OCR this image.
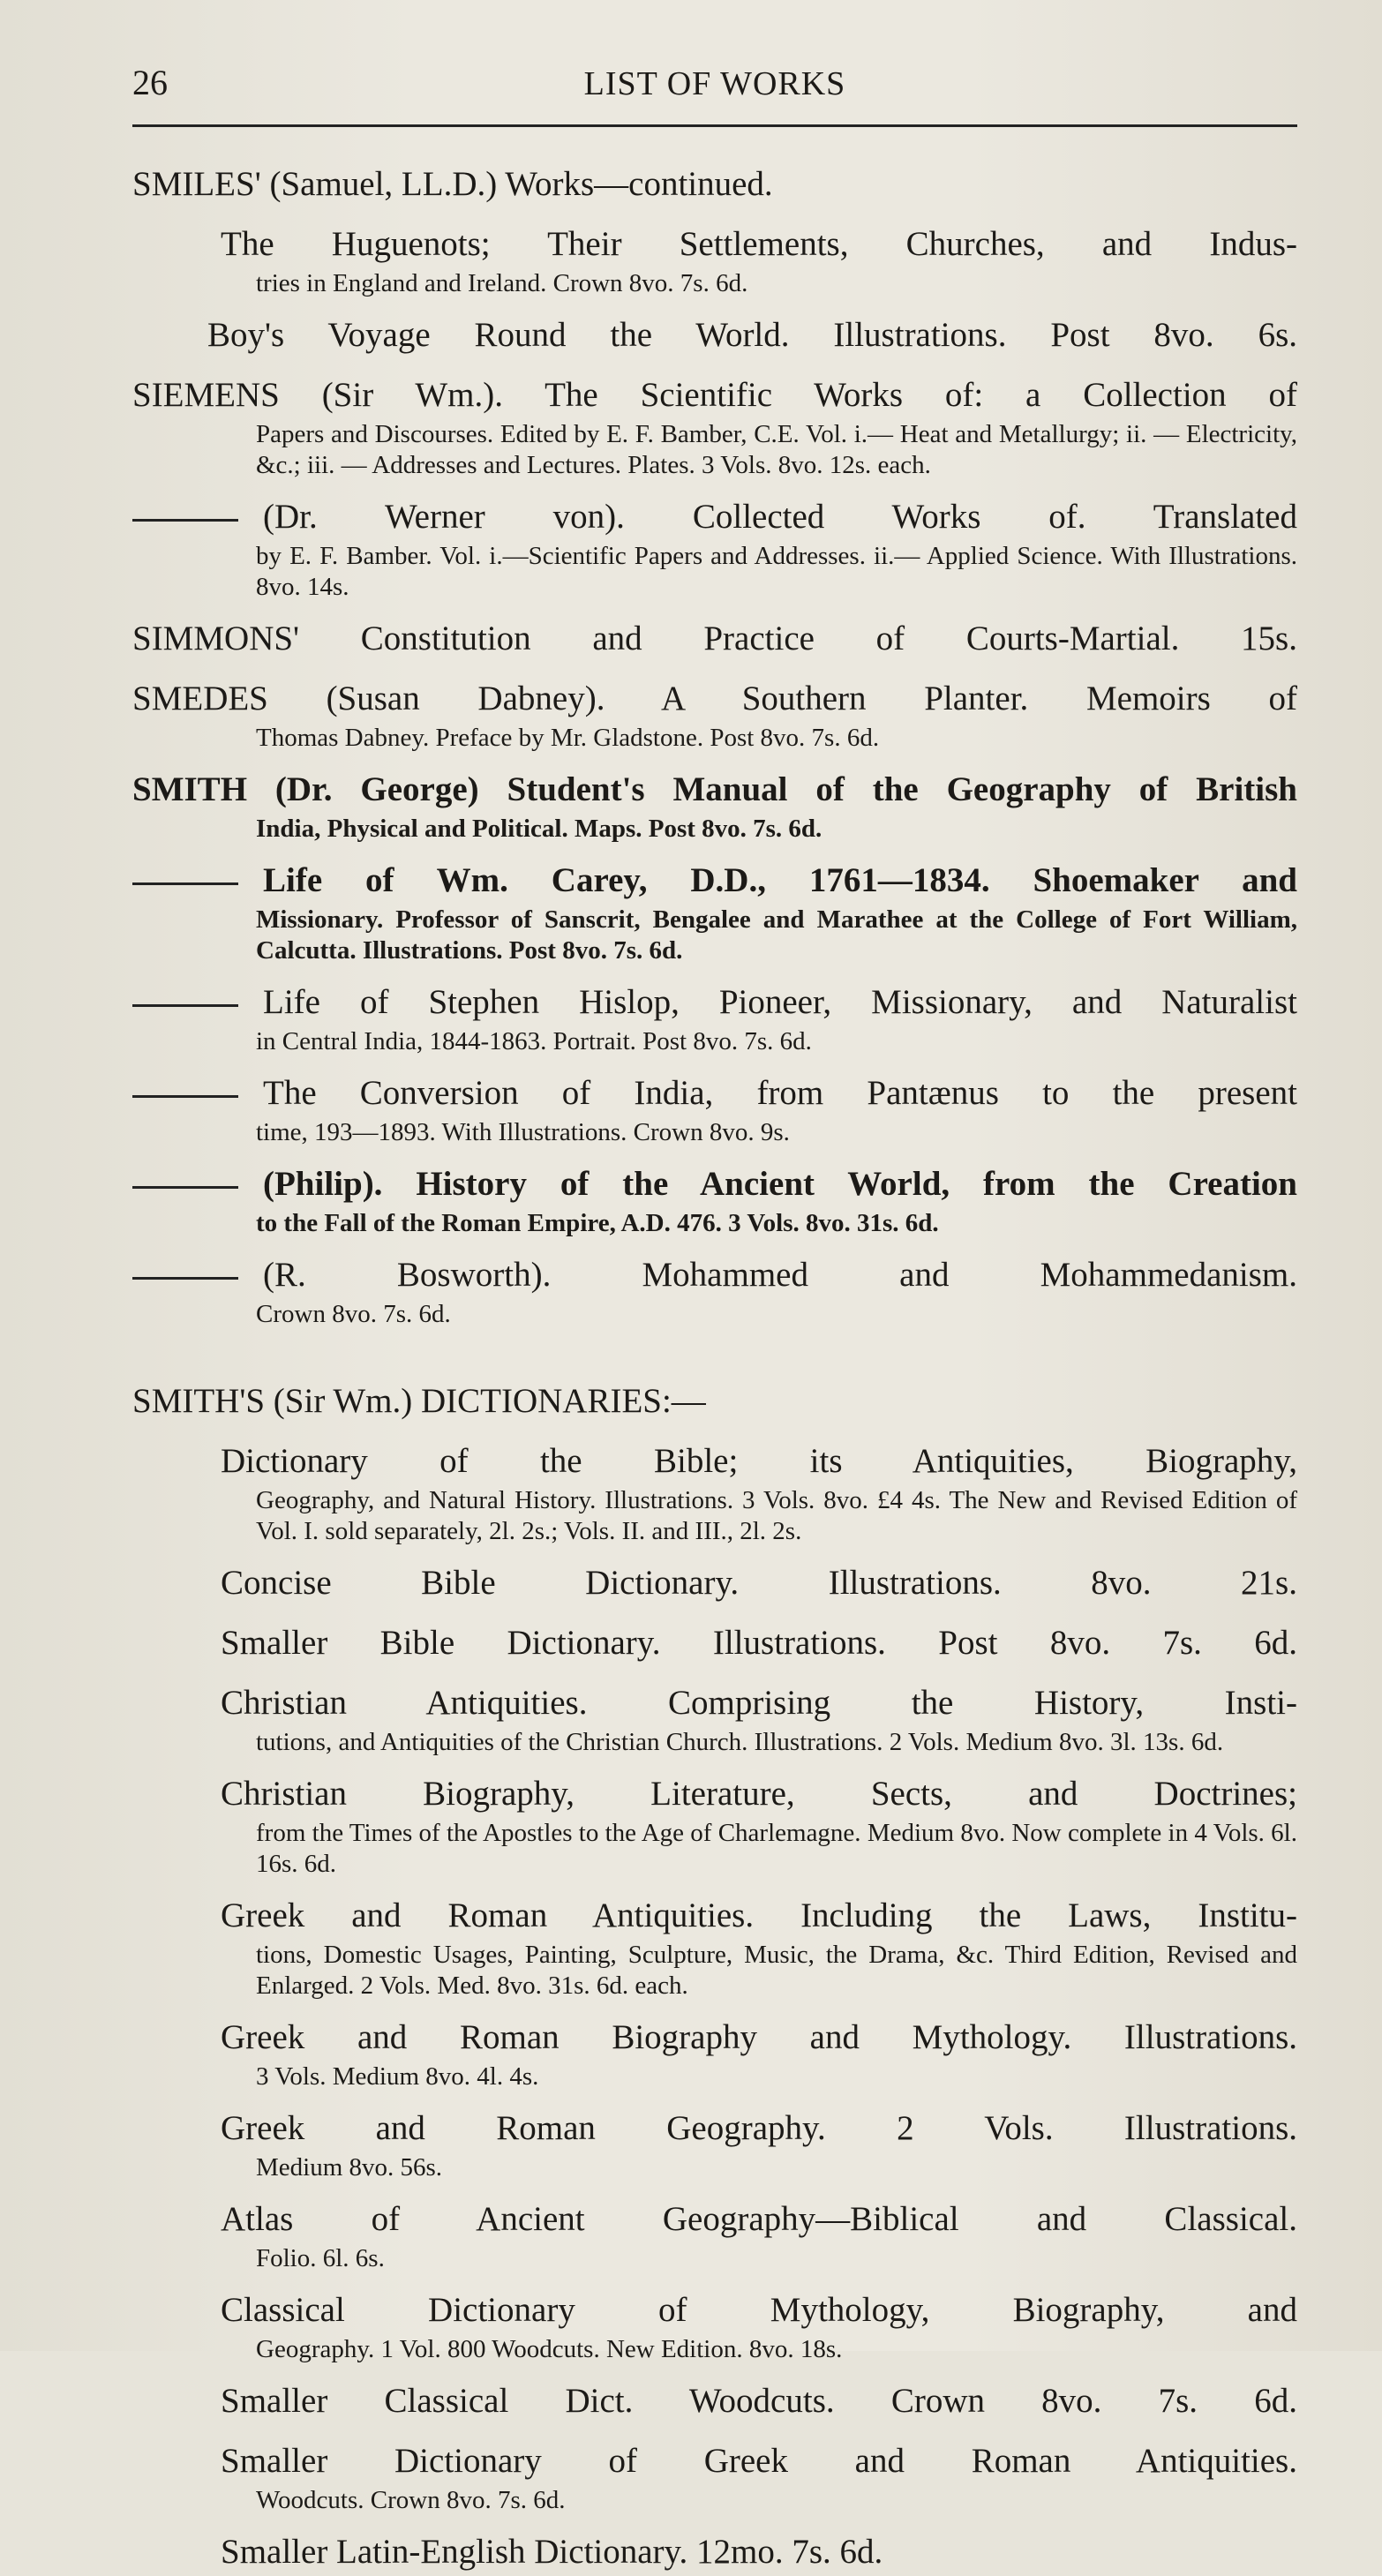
26	LIST OF WORKS
SMILES' (Samuel, LL.D.) Works—continued.
The Huguenots; Their Settlements, Churches, and Indus-
tries in England and Ireland. Crown 8vo. 7s. 6d.
Boy's Voyage Round the World. Illustrations. Post 8vo. 6s.
SIEMENS (Sir Wm.). The Scientific Works of: a Collection of
Papers and Discourses. Edited by E. F. Bamber, C.E. Vol. i.— Heat and Metallurgy; ii. — Electricity, &c.; iii. — Addresses and Lectures. Plates. 3 Vols. 8vo. 12s. each.
(Dr. Werner von). Collected Works of. Translated
by E. F. Bamber. Vol. i.—Scientific Papers and Addresses. ii.— Applied Science. With Illustrations. 8vo. 14s.
SIMMONS' Constitution and Practice of Courts-Martial. 15s.
SMEDES (Susan Dabney). A Southern Planter. Memoirs of
Thomas Dabney. Preface by Mr. Gladstone. Post 8vo. 7s. 6d.
SMITH (Dr. George) Student's Manual of the Geography of British
India, Physical and Political. Maps. Post 8vo. 7s. 6d.
Life of Wm. Carey, D.D., 1761—1834. Shoemaker and
Missionary. Professor of Sanscrit, Bengalee and Marathee at the College of Fort William, Calcutta. Illustrations. Post 8vo. 7s. 6d.
Life of Stephen Hislop, Pioneer, Missionary, and Naturalist
in Central India, 1844-1863. Portrait. Post 8vo. 7s. 6d.
The Conversion of India, from Pantænus to the present
time, 193—1893. With Illustrations. Crown 8vo. 9s.
(Philip). History of the Ancient World, from the Creation
to the Fall of the Roman Empire, A.D. 476. 3 Vols. 8vo. 31s. 6d.
(R. Bosworth). Mohammed and Mohammedanism.
Crown 8vo. 7s. 6d.
SMITH'S (Sir Wm.) DICTIONARIES:—
Dictionary of the Bible; its Antiquities, Biography,
Geography, and Natural History. Illustrations. 3 Vols. 8vo. £4 4s. The New and Revised Edition of Vol. I. sold separately, 2l. 2s.; Vols. II. and III., 2l. 2s.
Concise Bible Dictionary. Illustrations. 8vo. 21s.
Smaller Bible Dictionary. Illustrations. Post 8vo. 7s. 6d.
Christian Antiquities. Comprising the History, Insti-
tutions, and Antiquities of the Christian Church. Illustrations. 2 Vols. Medium 8vo. 3l. 13s. 6d.
Christian Biography, Literature, Sects, and Doctrines;
from the Times of the Apostles to the Age of Charlemagne. Medium 8vo. Now complete in 4 Vols. 6l. 16s. 6d.
Greek and Roman Antiquities. Including the Laws, Institu-
tions, Domestic Usages, Painting, Sculpture, Music, the Drama, &c. Third Edition, Revised and Enlarged. 2 Vols. Med. 8vo. 31s. 6d. each.
Greek and Roman Biography and Mythology. Illustrations.
3 Vols. Medium 8vo. 4l. 4s.
Greek and Roman Geography. 2 Vols. Illustrations.
Medium 8vo. 56s.
Atlas of Ancient Geography—Biblical and Classical.
Folio. 6l. 6s.
Classical Dictionary of Mythology, Biography, and
Geography. 1 Vol. 800 Woodcuts. New Edition. 8vo. 18s.
Smaller Classical Dict. Woodcuts. Crown 8vo. 7s. 6d.
Smaller Dictionary of Greek and Roman Antiquities.
Woodcuts. Crown 8vo. 7s. 6d.
Smaller Latin-English Dictionary. 12mo. 7s. 6d.
